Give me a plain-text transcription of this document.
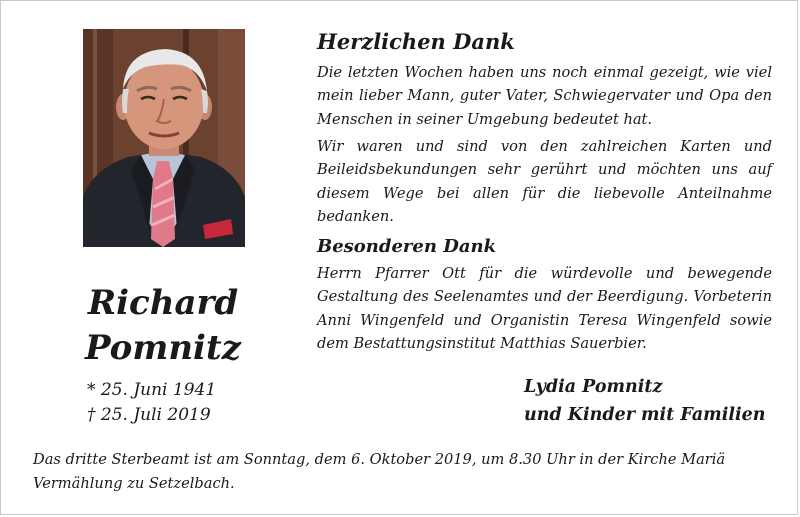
Richard
Pomnitz
* 25. Juni 1941
† 25. Juli 2019
Herzlichen Dank

Die letzten Wochen haben uns noch einmal gezeigt, wie viel mein lieber Mann, guter Vater, Schwiegervater und Opa den Menschen in seiner Umgebung bedeutet hat.

Wir waren und sind von den zahlreichen Karten und Beileidsbekundungen sehr gerührt und möchten uns auf diesem Wege bei allen für die liebevolle Anteilnahme bedanken.

Besonderen Dank

Herrn Pfarrer Ott für die würdevolle und bewegende Gestaltung des Seelenamtes und der Beerdigung. Vorbeterin Anni Wingenfeld und Organistin Teresa Wingenfeld sowie dem Bestattungsinstitut Matthias Sauerbier.

Lydia Pomnitz
und Kinder mit Familien

Das dritte Sterbeamt ist am Sonntag, dem 6. Oktober 2019, um 8.30 Uhr in der Kirche Mariä Vermählung zu Setzelbach.
